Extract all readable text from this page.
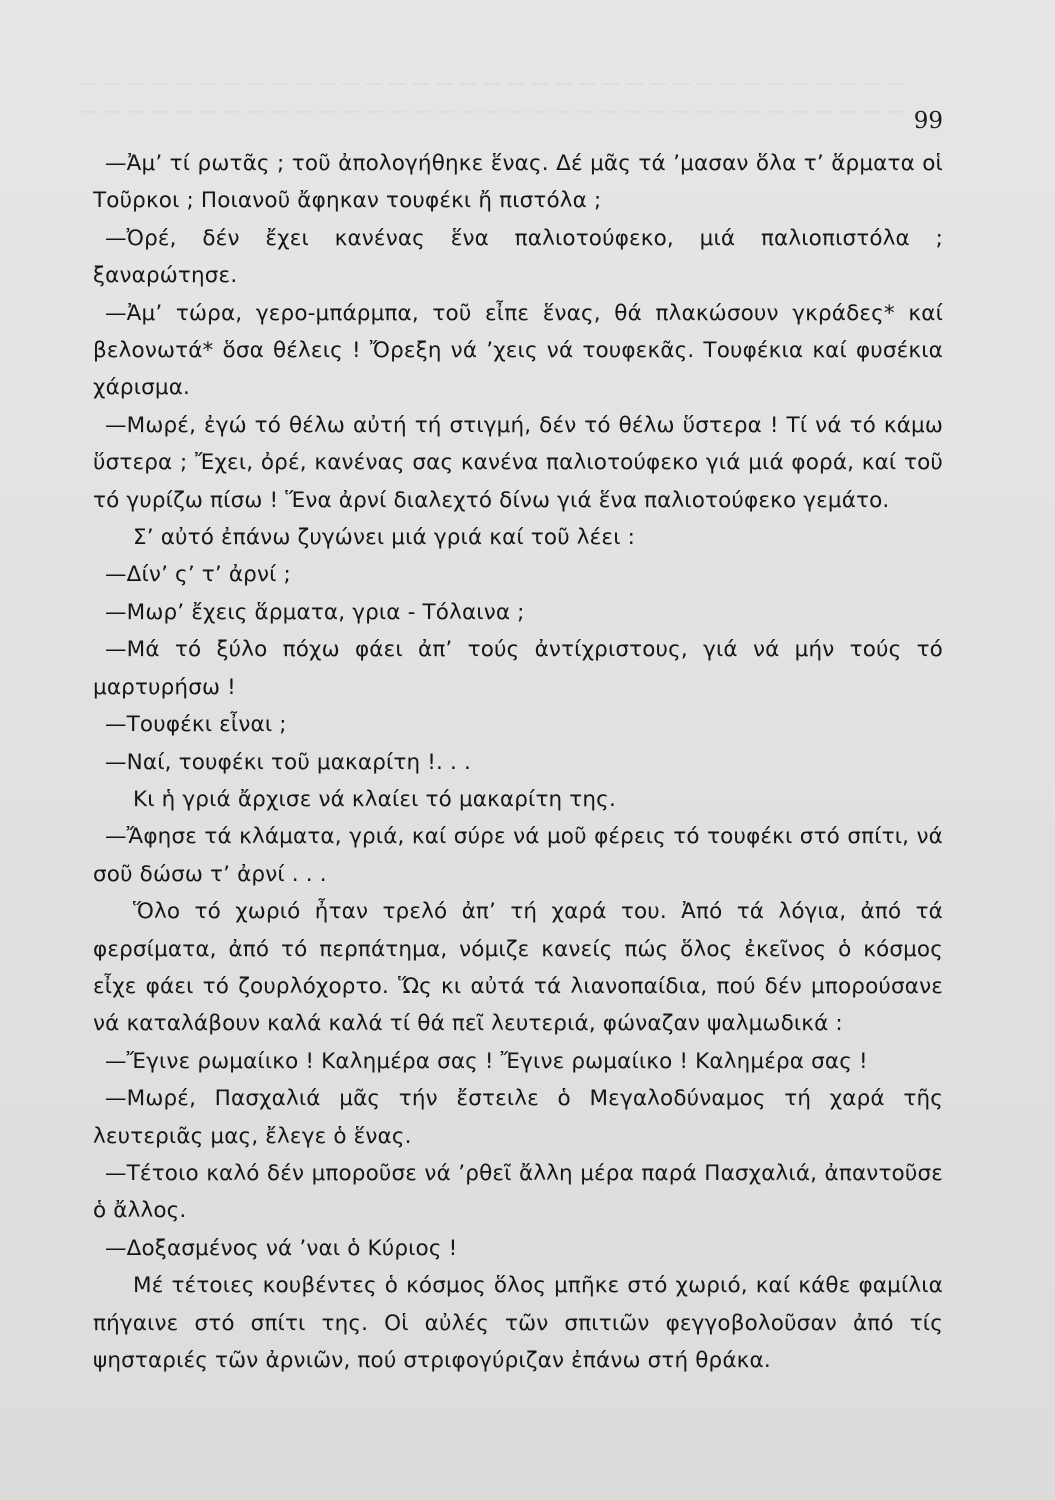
— — — — — — — — — — — — — — — — — — — — — — — — — — — — — — — — — — —
— — — — — — — — — — — — — — — — — — — — — — — — — — — — — — — — — — — 99

—Ἀμ’ τί ρωτᾶς ; τοῦ ἀπολογήθηκε ἕνας. Δέ μᾶς τά ’μασαν ὅλα τ’ ἅρματα οἱ Τοῦρκοι ; Ποιανοῦ ἄφηκαν τουφέκι ἤ πιστόλα ;

—Ὀρέ, δέν ἔχει κανένας ἕνα παλιοτούφεκο, μιά παλιοπιστόλα ; ξαναρώτησε.

—Ἀμ’ τώρα, γερο-μπάρμπα, τοῦ εἶπε ἕνας, θά πλακώσουν γκράδες* καί βελονωτά* ὅσα θέλεις ! Ὄρεξη νά ’χεις νά τουφεκᾶς. Τουφέκια καί φυσέκια χάρισμα.

—Μωρέ, ἐγώ τό θέλω αὐτή τή στιγμή, δέν τό θέλω ὕστερα ! Τί νά τό κάμω ὕστερα ; Ἔχει, ὀρέ, κανένας σας κανένα παλιοτούφεκο γιά μιά φορά, καί τοῦ τό γυρίζω πίσω ! Ἕνα ἀρνί διαλεχτό δίνω γιά ἕνα παλιοτούφεκο γεμάτο.

Σ’ αὐτό ἐπάνω ζυγώνει μιά γριά καί τοῦ λέει :

—Δίν’ ς’ τ’ ἀρνί ;

—Μωρ’ ἔχεις ἅρματα, γρια - Τόλαινα ;

—Μά τό ξύλο πόχω φάει ἀπ’ τούς ἀντίχριστους, γιά νά μήν τούς τό μαρτυρήσω !

—Τουφέκι εἶναι ;

—Ναί, τουφέκι τοῦ μακαρίτη !. . .

Κι ἡ γριά ἄρχισε νά κλαίει τό μακαρίτη της.

—Ἄφησε τά κλάματα, γριά, καί σύρε νά μοῦ φέρεις τό τουφέκι στό σπίτι, νά σοῦ δώσω τ’ ἀρνί . . .

Ὅλο τό χωριό ἦταν τρελό ἀπ’ τή χαρά του. Ἀπό τά λόγια, ἀπό τά φερσίματα, ἀπό τό περπάτημα, νόμιζε κανείς πώς ὅλος ἐκεῖνος ὁ κόσμος εἶχε φάει τό ζουρλόχορτο. Ὥς κι αὐτά τά λιανοπαίδια, πού δέν μπορούσανε νά καταλάβουν καλά καλά τί θά πεῖ λευτεριά, φώναζαν ψαλμωδικά :

—Ἔγινε ρωμαίικο ! Καλημέρα σας ! Ἔγινε ρωμαίικο ! Καλημέρα σας !

—Μωρέ, Πασχαλιά μᾶς τήν ἔστειλε ὁ Μεγαλοδύναμος τή χαρά τῆς λευτεριᾶς μας, ἔλεγε ὁ ἕνας.

—Τέτοιο καλό δέν μποροῦσε νά ’ρθεῖ ἄλλη μέρα παρά Πασχαλιά, ἀπαντοῦσε ὁ ἄλλος.

—Δοξασμένος νά ’ναι ὁ Κύριος !

Μέ τέτοιες κουβέντες ὁ κόσμος ὅλος μπῆκε στό χωριό, καί κάθε φαμίλια πήγαινε στό σπίτι της. Οἱ αὐλές τῶν σπιτιῶν φεγγοβολοῦσαν ἀπό τίς ψησταριές τῶν ἀρνιῶν, πού στριφογύριζαν ἐπάνω στή θράκα.
